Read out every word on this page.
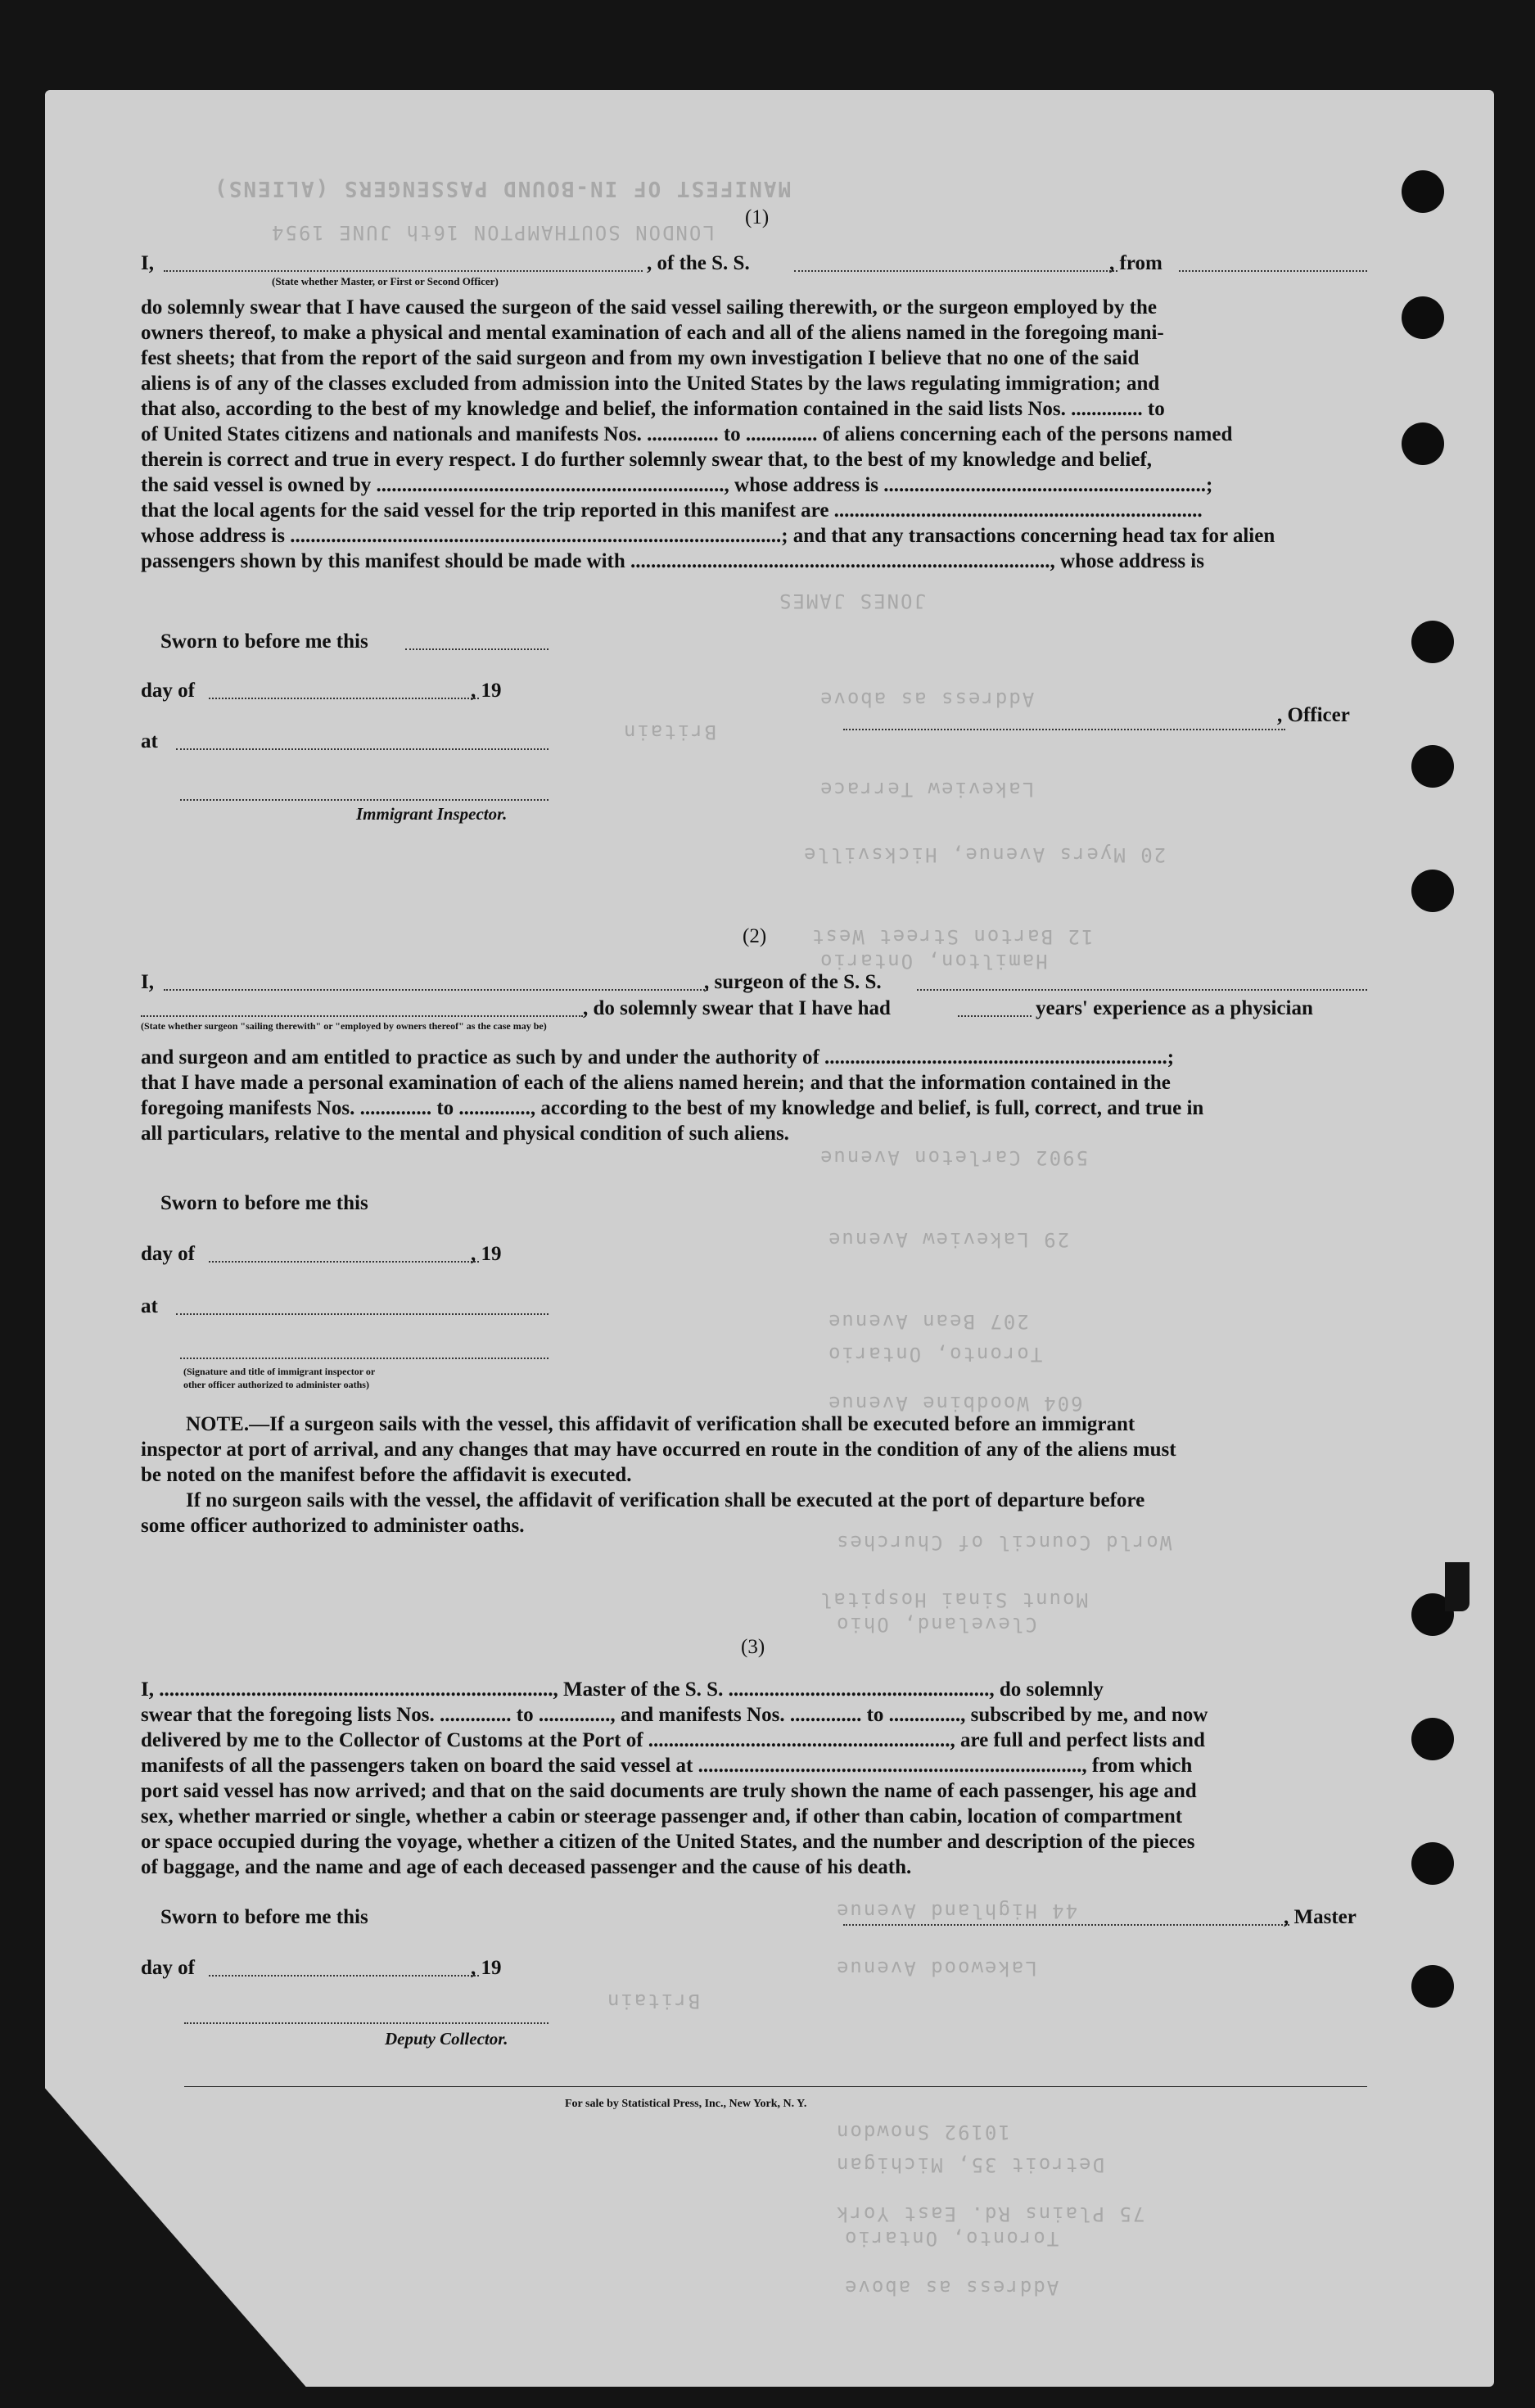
MANIFEST OF IN-BOUND PASSENGERS (ALIENS)
LONDON SOUTHAMPTON 16th JUNE 1954
JONES JAMES
Address as above
Britain
Lakeview Terrace
20 Myers Avenue, Hicksville
12 Barton Street West
Hamilton, Ontario
5902 Carleton Avenue
29 Lakeview Avenue
207 Bean Avenue
Toronto, Ontario
604 Woodbine Avenue
World Council of Churches
Mount Sinai Hospital
Cleveland, Ohio
44 Highland Avenue
Lakewood Avenue
Britain
10192 Snowdon
Detroit 35, Michigan
75 Plains Rd. East York
Toronto, Ontario
Address as above
(1)
I,	, of the S. S.	, from
(State whether Master, or First or Second Officer)
do solemnly swear that I have caused the surgeon of the said vessel sailing therewith, or the surgeon employed by the
owners thereof, to make a physical and mental examination of each and all of the aliens named in the foregoing mani-
fest sheets; that from the report of the said surgeon and from my own investigation I believe that no one of the said
aliens is of any of the classes excluded from admission into the United States by the laws regulating immigration; and
that also, according to the best of my knowledge and belief, the information contained in the said lists Nos. .............. to
of United States citizens and nationals and manifests Nos. .............. to .............. of aliens concerning each of the persons named
therein is correct and true in every respect. I do further solemnly swear that, to the best of my knowledge and belief,
the said vessel is owned by ...................................................................., whose address is ...............................................................;
that the local agents for the said vessel for the trip reported in this manifest are ........................................................................
whose address is ................................................................................................; and that any transactions concerning head tax for alien
passengers shown by this manifest should be made with .................................................................................., whose address is
Sworn to before me this
day of	, 19
at
, Officer
Immigrant Inspector.
(2)
I,	, surgeon of the S. S.
, do solemnly swear that I have had	years' experience as a physician
(State whether surgeon "sailing therewith" or "employed by owners thereof" as the case may be)
and surgeon and am entitled to practice as such by and under the authority of ...................................................................;
that I have made a personal examination of each of the aliens named herein; and that the information contained in the
foregoing manifests Nos. .............. to .............., according to the best of my knowledge and belief, is full, correct, and true in
all particulars, relative to the mental and physical condition of such aliens.
Sworn to before me this
day of	, 19
at
(Signature and title of immigrant inspector or
other officer authorized to administer oaths)
NOTE.—If a surgeon sails with the vessel, this affidavit of verification shall be executed before an immigrant
inspector at port of arrival, and any changes that may have occurred en route in the condition of any of the aliens must
be noted on the manifest before the affidavit is executed.
If no surgeon sails with the vessel, the affidavit of verification shall be executed at the port of departure before
some officer authorized to administer oaths.
(3)
I, ............................................................................., Master of the S. S. ..................................................., do solemnly
swear that the foregoing lists Nos. .............. to .............., and manifests Nos. .............. to .............., subscribed by me, and now
delivered by me to the Collector of Customs at the Port of ..........................................................., are full and perfect lists and
manifests of all the passengers taken on board the said vessel at ..........................................................................., from which
port said vessel has now arrived; and that on the said documents are truly shown the name of each passenger, his age and
sex, whether married or single, whether a cabin or steerage passenger and, if other than cabin, location of compartment
or space occupied during the voyage, whether a citizen of the United States, and the number and description of the pieces
of baggage, and the name and age of each deceased passenger and the cause of his death.
Sworn to before me this	, Master
day of	, 19
Deputy Collector.
For sale by Statistical Press, Inc., New York, N. Y.
